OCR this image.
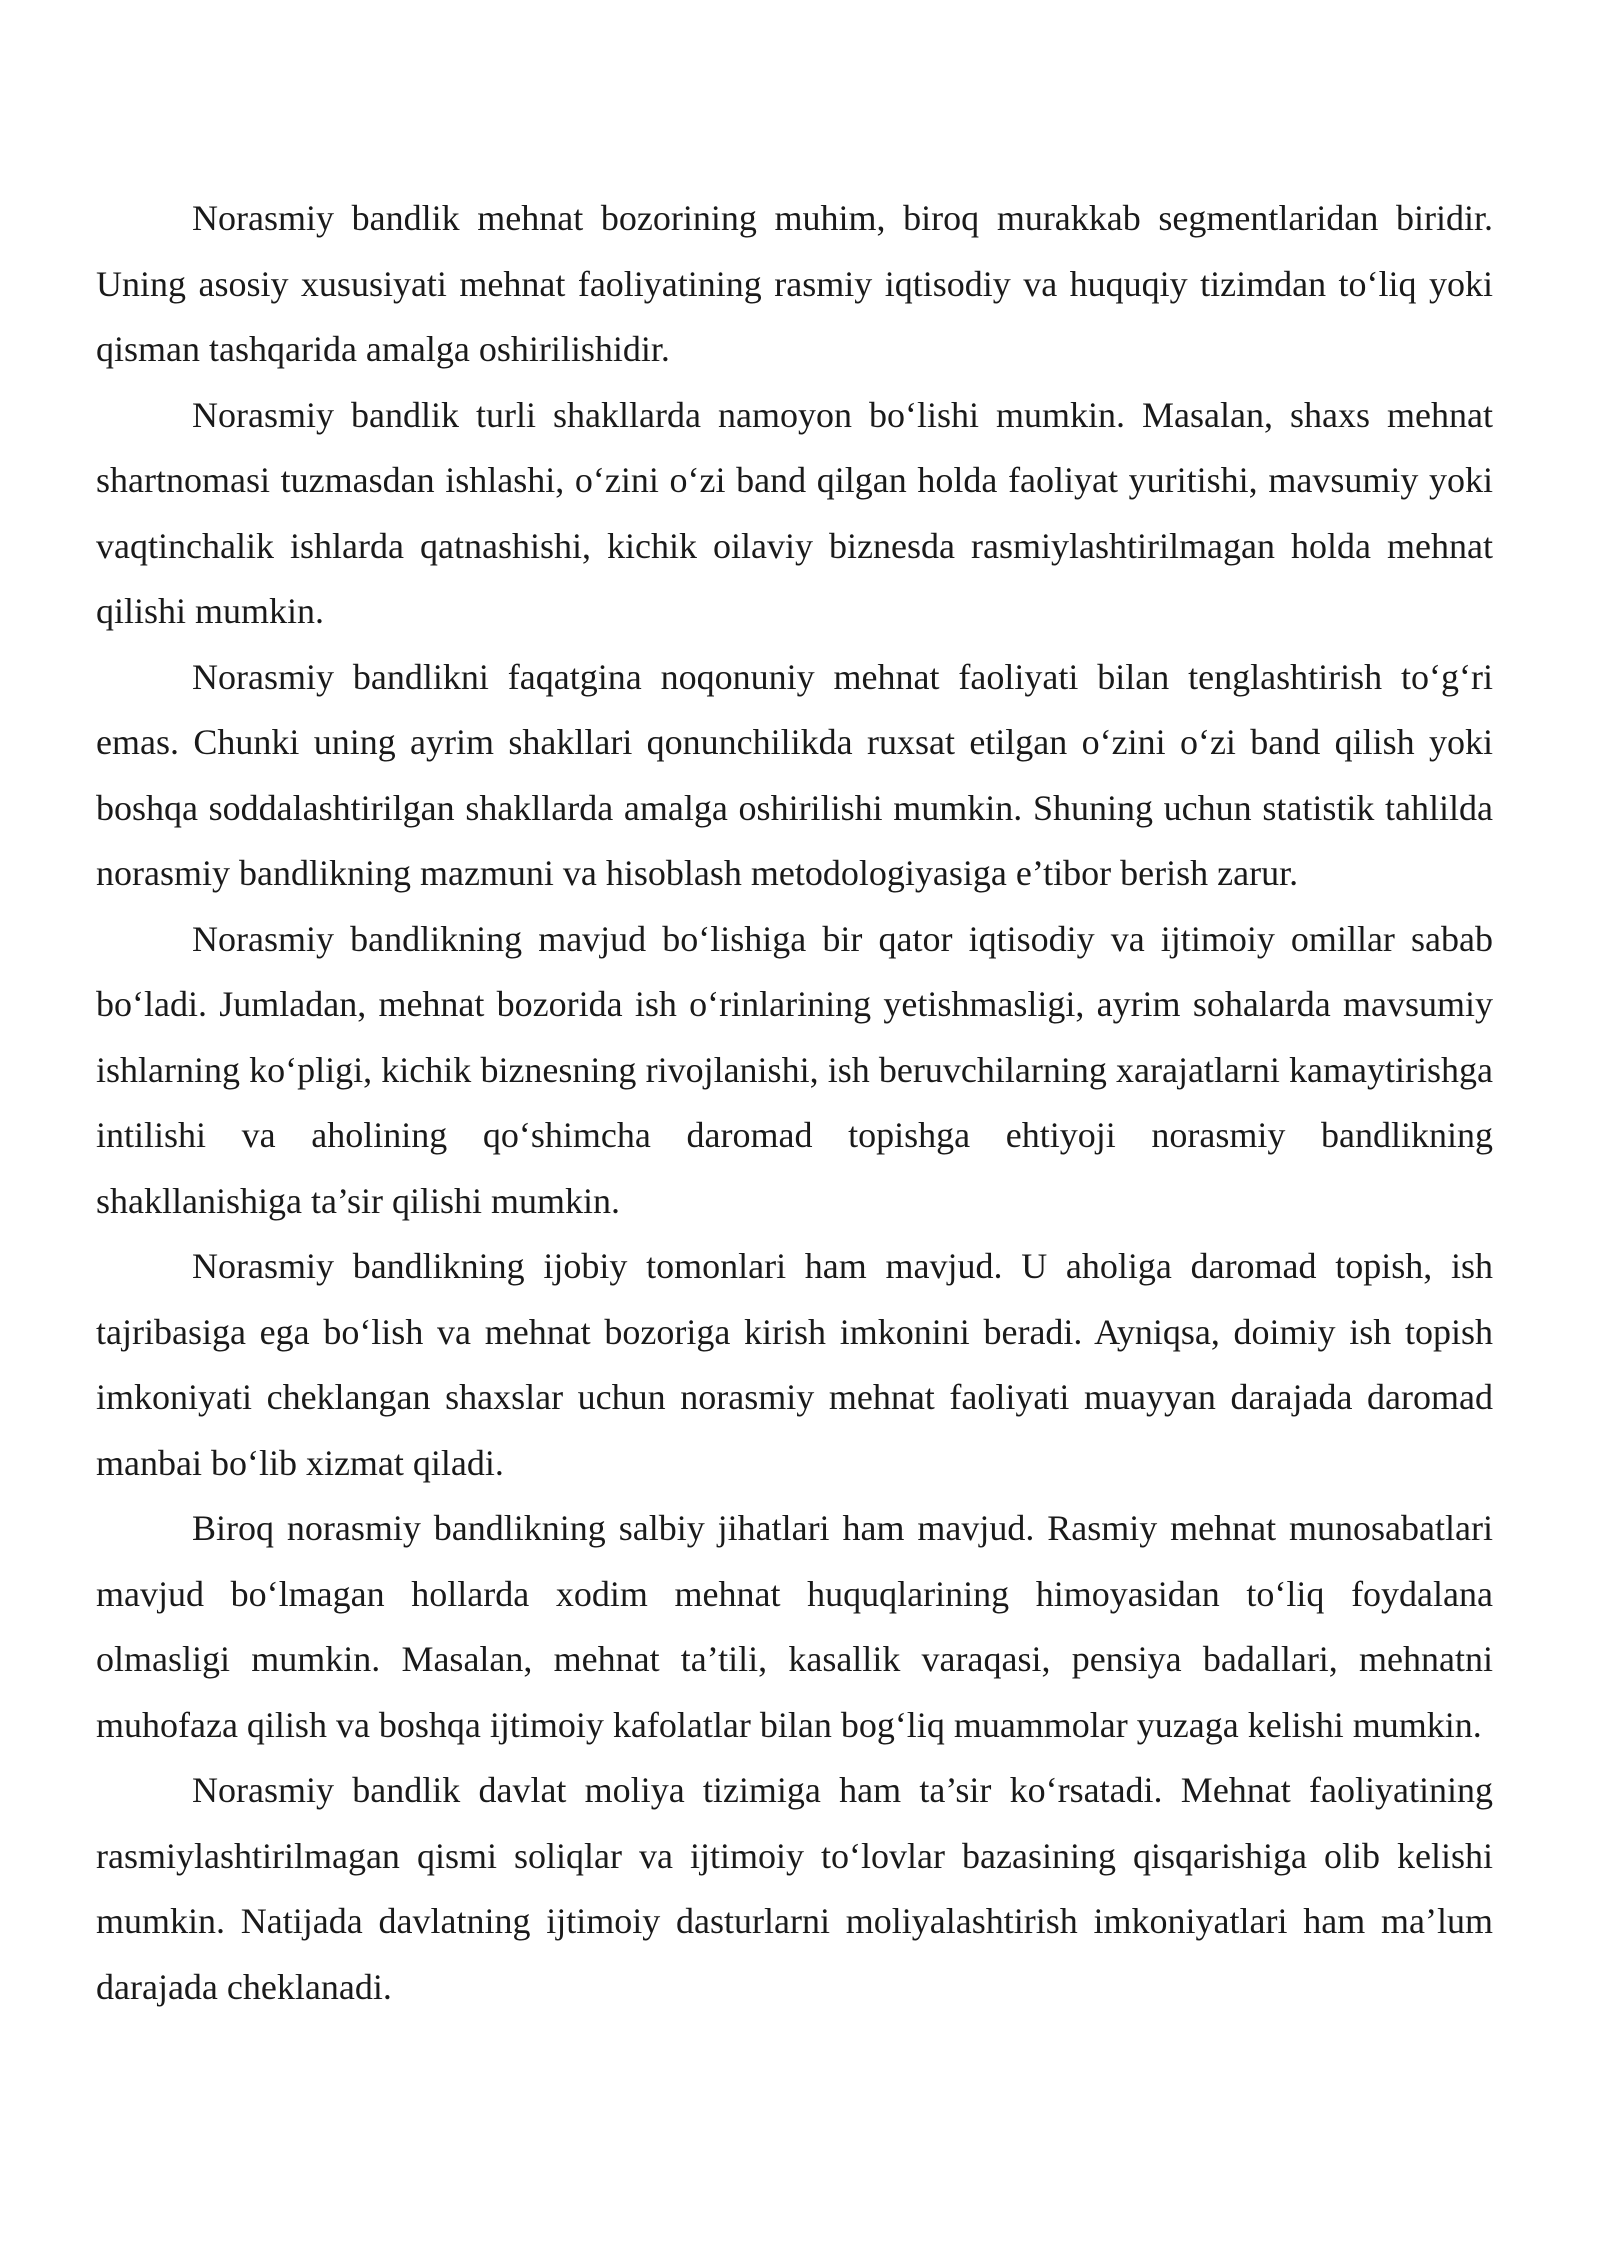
Norasmiy bandlik mehnat bozorining muhim, biroq murakkab segmentlaridan biridir. Uning asosiy xususiyati mehnat faoliyatining rasmiy iqtisodiy va huquqiy tizimdan to‘liq yoki qisman tashqarida amalga oshirilishidir.

Norasmiy bandlik turli shakllarda namoyon bo‘lishi mumkin. Masalan, shaxs mehnat shartnomasi tuzmasdan ishlashi, o‘zini o‘zi band qilgan holda faoliyat yuritishi, mavsumiy yoki vaqtinchalik ishlarda qatnashishi, kichik oilaviy biznesda rasmiylashtirilmagan holda mehnat qilishi mumkin.

Norasmiy bandlikni faqatgina noqonuniy mehnat faoliyati bilan tenglashtirish to‘g‘ri emas. Chunki uning ayrim shakllari qonunchilikda ruxsat etilgan o‘zini o‘zi band qilish yoki boshqa soddalashtirilgan shakllarda amalga oshirilishi mumkin. Shuning uchun statistik tahlilda norasmiy bandlikning mazmuni va hisoblash metodologiyasiga e’tibor berish zarur.

Norasmiy bandlikning mavjud bo‘lishiga bir qator iqtisodiy va ijtimoiy omillar sabab bo‘ladi. Jumladan, mehnat bozorida ish o‘rinlarining yetishmasligi, ayrim sohalarda mavsumiy ishlarning ko‘pligi, kichik biznesning rivojlanishi, ish beruvchilarning xarajatlarni kamaytirishga intilishi va aholining qo‘shimcha daromad topishga ehtiyoji norasmiy bandlikning shakllanishiga ta’sir qilishi mumkin.

Norasmiy bandlikning ijobiy tomonlari ham mavjud. U aholiga daromad topish, ish tajribasiga ega bo‘lish va mehnat bozoriga kirish imkonini beradi. Ayniqsa, doimiy ish topish imkoniyati cheklangan shaxslar uchun norasmiy mehnat faoliyati muayyan darajada daromad manbai bo‘lib xizmat qiladi.

Biroq norasmiy bandlikning salbiy jihatlari ham mavjud. Rasmiy mehnat munosabatlari mavjud bo‘lmagan hollarda xodim mehnat huquqlarining himoyasidan to‘liq foydalana olmasligi mumkin. Masalan, mehnat ta’tili, kasallik varaqasi, pensiya badallari, mehnatni muhofaza qilish va boshqa ijtimoiy kafolatlar bilan bog‘liq muammolar yuzaga kelishi mumkin.

Norasmiy bandlik davlat moliya tizimiga ham ta’sir ko‘rsatadi. Mehnat faoliyatining rasmiylashtirilmagan qismi soliqlar va ijtimoiy to‘lovlar bazasining qisqarishiga olib kelishi mumkin. Natijada davlatning ijtimoiy dasturlarni moliyalashtirish imkoniyatlari ham ma’lum darajada cheklanadi.
